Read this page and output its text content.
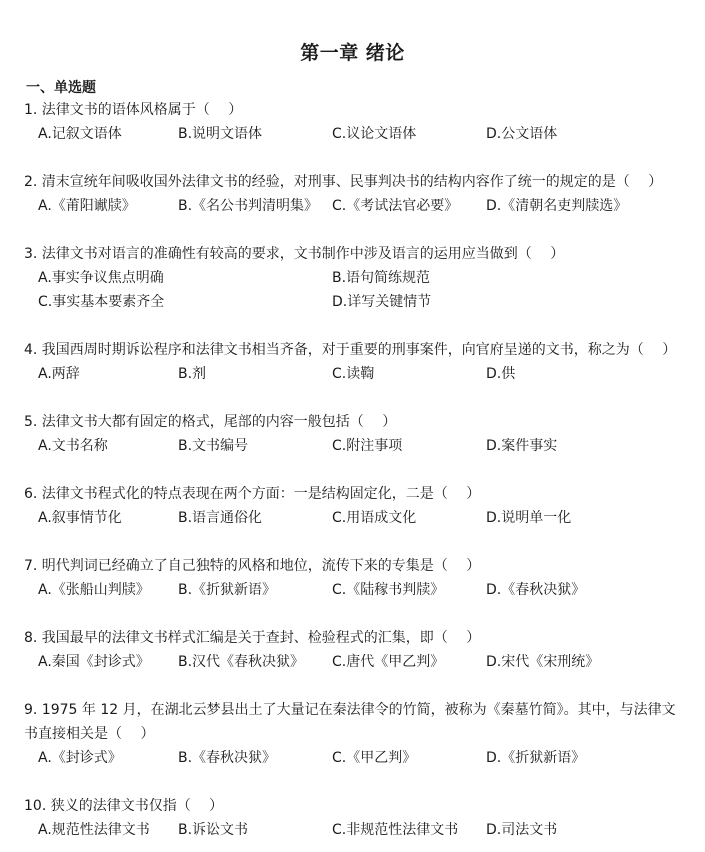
第一章 绪论
一、单选题
1. 法律文书的语体风格属于（　 ）
A.记叙文语体	B.说明文语体	C.议论文语体	D.公文语体
2. 清末宣统年间吸收国外法律文书的经验，对刑事、民事判决书的结构内容作了统一的规定的是（　 ）
A.《莆阳谳牍》	B.《名公书判清明集》 C.《考试法官必要》 D.《清朝名吏判牍选》
3. 法律文书对语言的准确性有较高的要求，文书制作中涉及语言的运用应当做到（　 ）
A.事实争议焦点明确	B.语句简练规范
C.事实基本要素齐全	D.详写关键情节
4. 我国西周时期诉讼程序和法律文书相当齐备，对于重要的刑事案件，向官府呈递的文书，称之为（　 ）
A.两辞	B.剂	C.读鞫	D.供
5. 法律文书大都有固定的格式，尾部的内容一般包括（　 ）
A.文书名称	B.文书编号	C.附注事项	D.案件事实
6. 法律文书程式化的特点表现在两个方面：一是结构固定化，二是（　 ）
A.叙事情节化	B.语言通俗化	C.用语成文化	D.说明单一化
7. 明代判词已经确立了自己独特的风格和地位，流传下来的专集是（　 ）
A.《张船山判牍》 B.《折狱新语》	C.《陆稼书判牍》	D.《春秋决狱》
8. 我国最早的法律文书样式汇编是关于查封、检验程式的汇集，即（　 ）
A.秦国《封诊式》 B.汉代《春秋决狱》 C.唐代《甲乙判》	D.宋代《宋刑统》
9. 1975 年 12 月，在湖北云梦县出土了大量记在秦法律令的竹简，被称为《秦墓竹简》。其中，与法律文书直接相关是（　 ）
A.《封诊式》	B.《春秋决狱》	C.《甲乙判》	D.《折狱新语》
10. 狭义的法律文书仅指（　 ）
A.规范性法律文书 B.诉讼文书	C.非规范性法律文书 D.司法文书
